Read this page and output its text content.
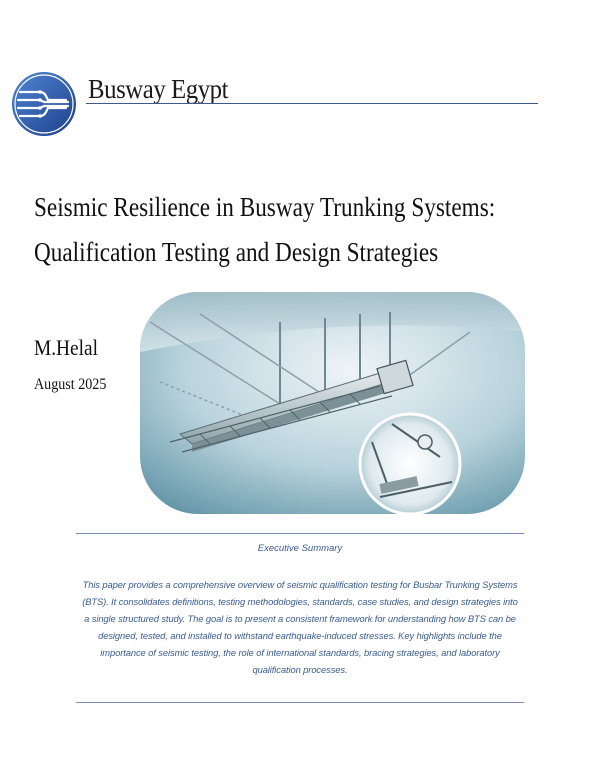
Busway Egypt
Seismic Resilience in Busway Trunking Systems:
Qualification Testing and Design Strategies
M.Helal
August 2025
Executive Summary

This paper provides a comprehensive overview of seismic qualification testing for Busbar Trunking Systems (BTS). It consolidates definitions, testing methodologies, standards, case studies, and design strategies into a single structured study. The goal is to present a consistent framework for understanding how BTS can be designed, tested, and installed to withstand earthquake-induced stresses. Key highlights include the importance of seismic testing, the role of international standards, bracing strategies, and laboratory qualification processes.
